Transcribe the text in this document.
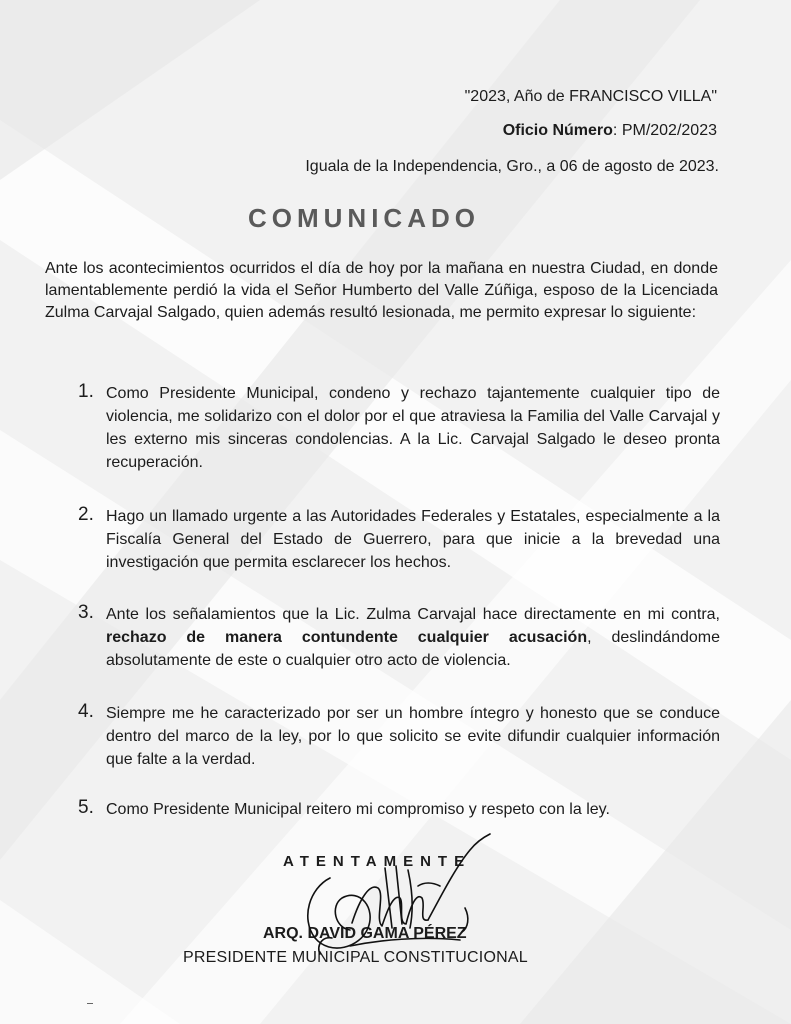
"2023, Año de FRANCISCO VILLA"
Oficio Número: PM/202/2023
Iguala de la Independencia, Gro., a 06 de agosto de 2023.
COMUNICADO

Ante los acontecimientos ocurridos el día de hoy por la mañana en nuestra Ciudad, en donde lamentablemente perdió la vida el Señor Humberto del Valle Zúñiga, esposo de la Licenciada Zulma Carvajal Salgado, quien además resultó lesionada, me permito expresar lo siguiente:

1. Como Presidente Municipal, condeno y rechazo tajantemente cualquier tipo de violencia, me solidarizo con el dolor por el que atraviesa la Familia del Valle Carvajal y les externo mis sinceras condolencias. A la Lic. Carvajal Salgado le deseo pronta recuperación.
2. Hago un llamado urgente a las Autoridades Federales y Estatales, especialmente a la Fiscalía General del Estado de Guerrero, para que inicie a la brevedad una investigación que permita esclarecer los hechos.
3. Ante los señalamientos que la Lic. Zulma Carvajal hace directamente en mi contra, rechazo de manera contundente cualquier acusación, deslindándome absolutamente de este o cualquier otro acto de violencia.
4. Siempre me he caracterizado por ser un hombre íntegro y honesto que se conduce dentro del marco de la ley, por lo que solicito se evite difundir cualquier información que falte a la verdad.
5. Como Presidente Municipal reitero mi compromiso y respeto con la ley.
ATENTAMENTE
ARQ. DAVID GAMA PÉREZ
PRESIDENTE MUNICIPAL CONSTITUCIONAL
